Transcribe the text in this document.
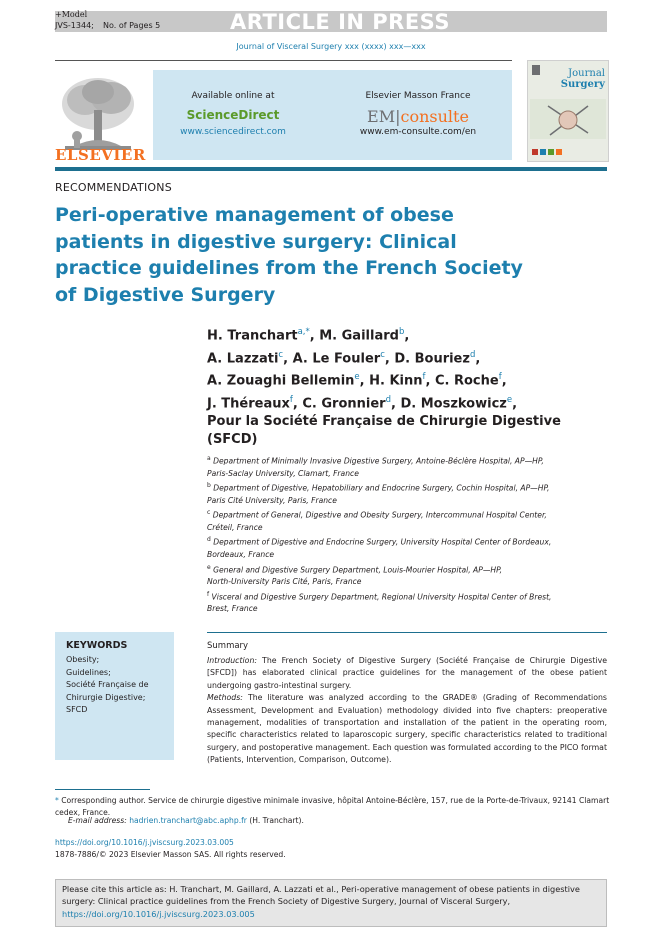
+Model
JVS-1344; No. of Pages 5	ARTICLE IN PRESS
Journal of Visceral Surgery xxx (xxxx) xxx—xxx
ELSEVIER
Available online at
ScienceDirect
www.sciencedirect.com
Elsevier Masson France
EM|consulte
www.em-consulte.com/en
Journal
Surgery
RECOMMENDATIONS
Peri-operative management of obese patients in digestive surgery: Clinical practice guidelines from the French Society of Digestive Surgery
H. Tranchart$^{a,*}$, M. Gaillard$^b$,
A. Lazzati$^c$, A. Le Fouler$^c$, D. Bouriez$^d$,
A. Zouaghi Bellemin$^e$, H. Kinn$^f$, C. Roche$^f$,
J. Théreaux$^f$, C. Gronnier$^d$, D. Moszkowicz$^e$,
Pour la Société Française de Chirurgie Digestive (SFCD)
$^a$ Department of Minimally Invasive Digestive Surgery, Antoine-Béclère Hospital, AP—HP,
Paris-Saclay University, Clamart, France
$^b$ Department of Digestive, Hepatobiliary and Endocrine Surgery, Cochin Hospital, AP—HP,
Paris Cité University, Paris, France
$^c$ Department of General, Digestive and Obesity Surgery, Intercommunal Hospital Center,
Créteil, France
$^d$ Department of Digestive and Endocrine Surgery, University Hospital Center of Bordeaux,
Bordeaux, France
$^e$ General and Digestive Surgery Department, Louis-Mourier Hospital, AP—HP,
North-University Paris Cité, Paris, France
$^f$ Visceral and Digestive Surgery Department, Regional University Hospital Center of Brest,
Brest, France
KEYWORDS
Obesity;
Guidelines;
Société Française de Chirurgie Digestive;
SFCD
Summary
Introduction: The French Society of Digestive Surgery (Société Française de Chirurgie Digestive [SFCD]) has elaborated clinical practice guidelines for the management of the obese patient undergoing gastro-intestinal surgery.
Methods: The literature was analyzed according to the GRADE® (Grading of Recommendations Assessment, Development and Evaluation) methodology divided into five chapters: preoperative management, modalities of transportation and installation of the patient in the operating room, specific characteristics related to laparoscopic surgery, specific characteristics related to traditional surgery, and postoperative management. Each question was formulated according to the PICO format (Patients, Intervention, Comparison, Outcome).
* Corresponding author. Service de chirurgie digestive minimale invasive, hôpital Antoine-Béclère, 157, rue de la Porte-de-Trivaux, 92141 Clamart cedex, France.
E-mail address: hadrien.tranchart@abc.aphp.fr (H. Tranchart).
https://doi.org/10.1016/j.jviscsurg.2023.03.005
1878-7886/© 2023 Elsevier Masson SAS. All rights reserved.
Please cite this article as: H. Tranchart, M. Gaillard, A. Lazzati et al., Peri-operative management of obese patients in digestive surgery: Clinical practice guidelines from the French Society of Digestive Surgery, Journal of Visceral Surgery, https://doi.org/10.1016/j.jviscsurg.2023.03.005
